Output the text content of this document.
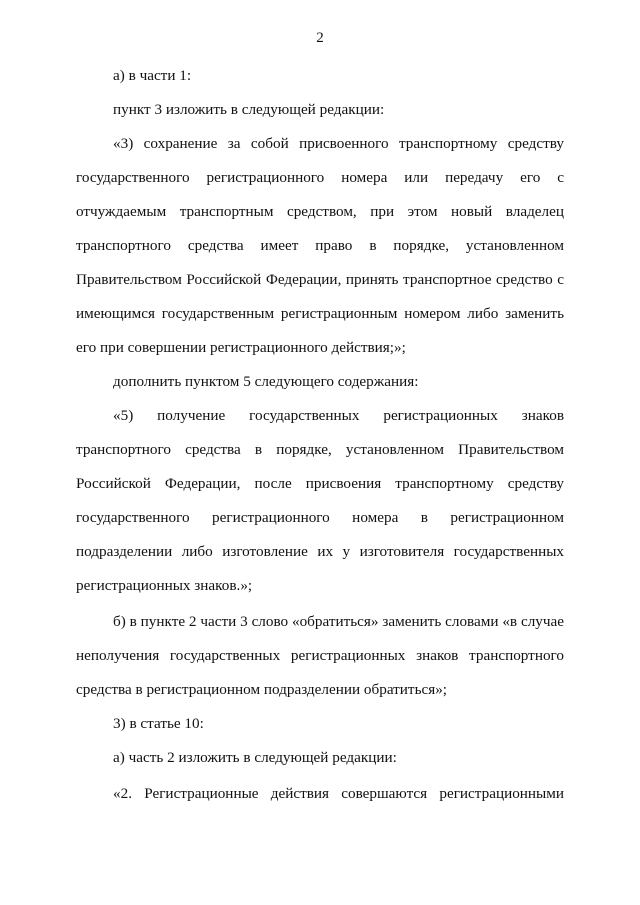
2
а) в части 1:
пункт 3 изложить в следующей редакции:
«3) сохранение за собой присвоенного транспортному средству
государственного регистрационного номера или передачу его с
отчуждаемым транспортным средством, при этом новый владелец
транспортного средства имеет право в порядке, установленном
Правительством Российской Федерации, принять транспортное средство с
имеющимся государственным регистрационным номером либо заменить
его при совершении регистрационного действия;»;
дополнить пунктом 5 следующего содержания:
«5) получение государственных регистрационных знаков
транспортного средства в порядке, установленном Правительством
Российской Федерации, после присвоения транспортному средству
государственного регистрационного номера в регистрационном
подразделении либо изготовление их у изготовителя государственных
регистрационных знаков.»;
б) в пункте 2 части 3 слово «обратиться» заменить словами «в случае
неполучения государственных регистрационных знаков транспортного
средства в регистрационном подразделении обратиться»;
3) в статье 10:
а) часть 2 изложить в следующей редакции:
«2. Регистрационные действия совершаются регистрационными
